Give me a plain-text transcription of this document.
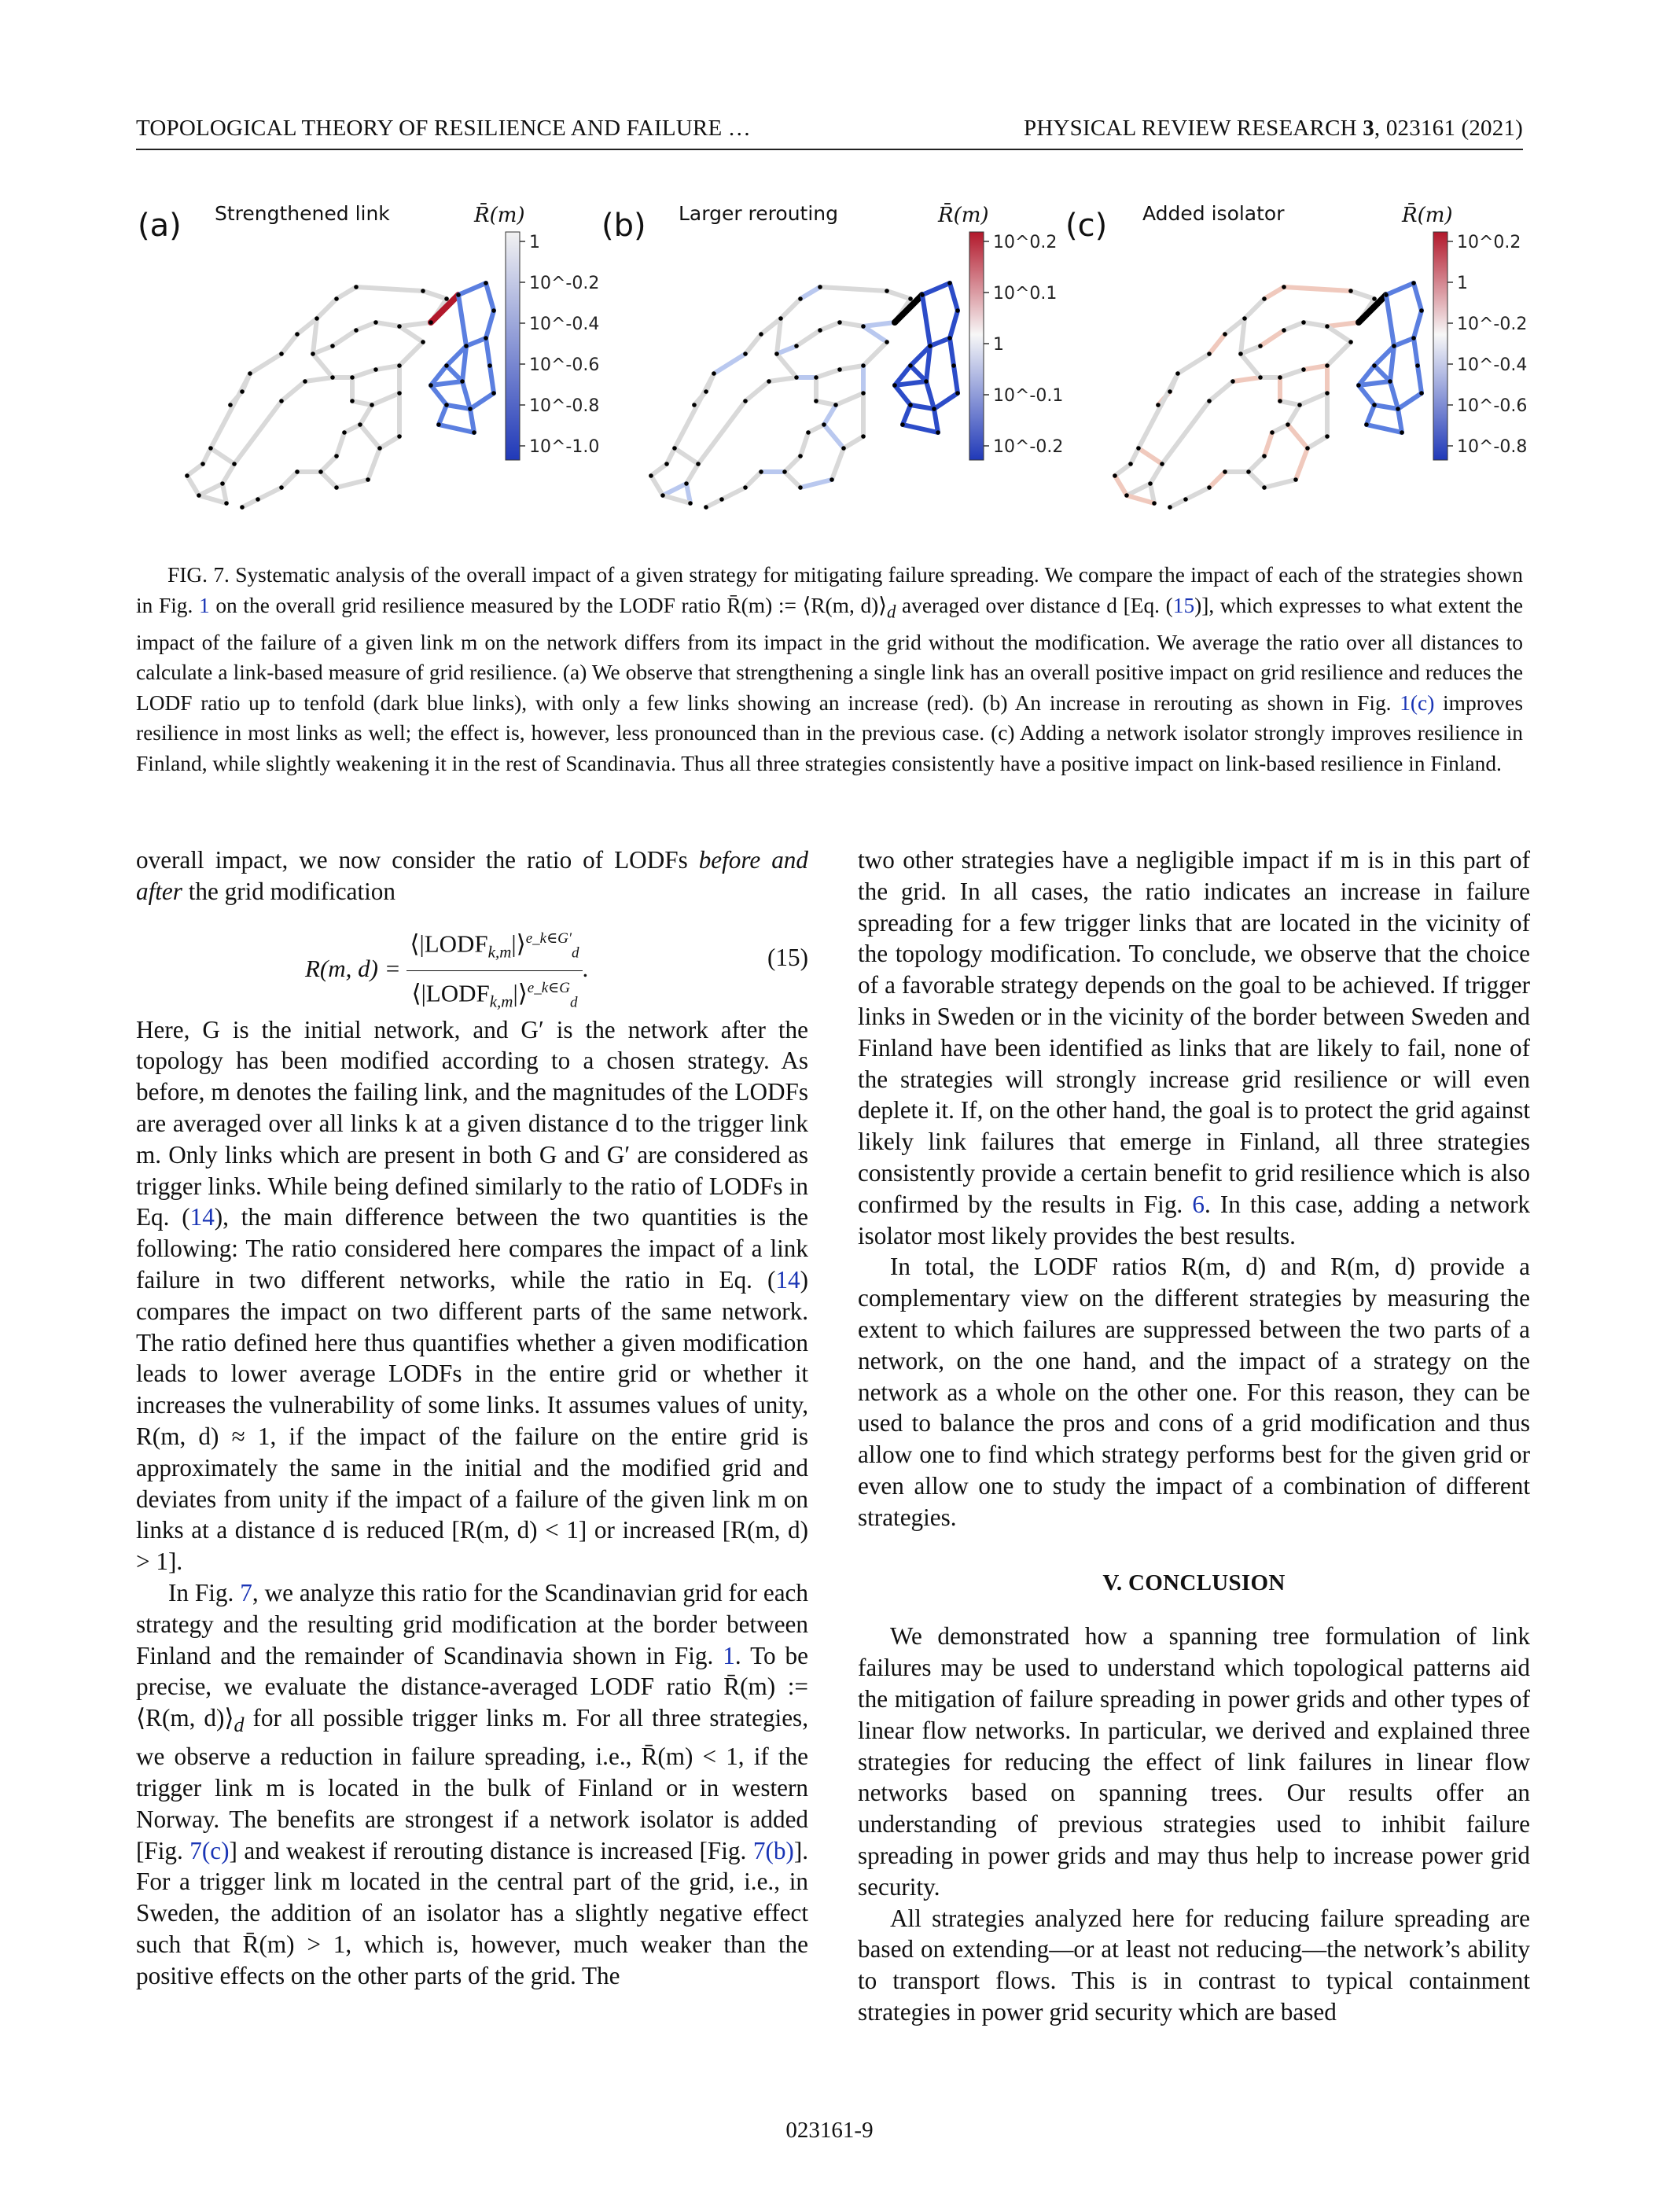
TOPOLOGICAL THEORY OF RESILIENCE AND FAILURE …	PHYSICAL REVIEW RESEARCH 3, 023161 (2021)
(a) Strengthened link
1
10^-0.2
10^-0.4
10^-0.6
10^-0.8
10^-1.0
R̄(m) (b) Larger rerouting
10^0.2
10^0.1
1
10^-0.1
10^-0.2
R̄(m) (c) Added isolator
10^0.2
1
10^-0.2
10^-0.4
10^-0.6
10^-0.8
R̄(m)
FIG. 7. Systematic analysis of the overall impact of a given strategy for mitigating failure spreading. We compare the impact of each of the strategies shown in Fig. 1 on the overall grid resilience measured by the LODF ratio R̄(m) := ⟨R(m, $d)⟩_d$ averaged over distance d [Eq. (15)], which expresses to what extent the impact of the failure of a given link m on the network differs from its impact in the grid without the modification. We average the ratio over all distances to calculate a link-based measure of grid resilience. (a) We observe that strengthening a single link has an overall positive impact on grid resilience and reduces the LODF ratio up to tenfold (dark blue links), with only a few links showing an increase (red). (b) An increase in rerouting as shown in Fig. 1(c) improves resilience in most links as well; the effect is, however, less pronounced than in the previous case. (c) Adding a network isolator strongly improves resilience in Finland, while slightly weakening it in the rest of Scandinavia. Thus all three strategies consistently have a positive impact on link-based resilience in Finland.

overall impact, we now consider the ratio of LODFs before and after the grid modification

R(m, $d) = \frac{⟨|LODF_{k,m}|⟩^{e\_k\in G'}_d}{⟨|LODF_{k,m}|⟩^{e\_k\in G}_d}$ .	(15)

Here, G is the initial network, and G′ is the network after the topology has been modified according to a chosen strategy. As before, m denotes the failing link, and the magnitudes of the LODFs are averaged over all links k at a given distance d to the trigger link m. Only links which are present in both G and G′ are considered as trigger links. While being defined similarly to the ratio of LODFs in Eq. (14), the main difference between the two quantities is the following: The ratio considered here compares the impact of a link failure in two different networks, while the ratio in Eq. (14) compares the impact on two different parts of the same network. The ratio defined here thus quantifies whether a given modification leads to lower average LODFs in the entire grid or whether it increases the vulnerability of some links. It assumes values of unity, R(m, d) ≈ 1, if the impact of the failure on the entire grid is approximately the same in the initial and the modified grid and deviates from unity if the impact of a failure of the given link m on links at a distance d is reduced [R(m, d) < 1] or increased [R(m, d) > 1].

In Fig. 7, we analyze this ratio for the Scandinavian grid for each strategy and the resulting grid modification at the border between Finland and the remainder of Scandinavia shown in Fig. 1. To be precise, we evaluate the distance-averaged LODF ratio R̄(m) := ⟨R(m, $d)⟩_d$ for all possible trigger links m. For all three strategies, we observe a reduction in failure spreading, i.e., R̄(m) < 1, if the trigger link m is located in the bulk of Finland or in western Norway. The benefits are strongest if a network isolator is added [Fig. 7(c)] and weakest if rerouting distance is increased [Fig. 7(b)]. For a trigger link m located in the central part of the grid, i.e., in Sweden, the addition of an isolator has a slightly negative effect such that R̄(m) > 1, which is, however, much weaker than the positive effects on the other parts of the grid. The

two other strategies have a negligible impact if m is in this part of the grid. In all cases, the ratio indicates an increase in failure spreading for a few trigger links that are located in the vicinity of the topology modification. To conclude, we observe that the choice of a favorable strategy depends on the goal to be achieved. If trigger links in Sweden or in the vicinity of the border between Sweden and Finland have been identified as links that are likely to fail, none of the strategies will strongly increase grid resilience or will even deplete it. If, on the other hand, the goal is to protect the grid against likely link failures that emerge in Finland, all three strategies consistently provide a certain benefit to grid resilience which is also confirmed by the results in Fig. 6. In this case, adding a network isolator most likely provides the best results.

In total, the LODF ratios R(m, d) and R(m, d) provide a complementary view on the different strategies by measuring the extent to which failures are suppressed between the two parts of a network, on the one hand, and the impact of a strategy on the network as a whole on the other one. For this reason, they can be used to balance the pros and cons of a grid modification and thus allow one to find which strategy performs best for the given grid or even allow one to study the impact of a combination of different strategies.

V. CONCLUSION

We demonstrated how a spanning tree formulation of link failures may be used to understand which topological patterns aid the mitigation of failure spreading in power grids and other types of linear flow networks. In particular, we derived and explained three strategies for reducing the effect of link failures in linear flow networks based on spanning trees. Our results offer an understanding of previous strategies used to inhibit failure spreading in power grids and may thus help to increase power grid security.

All strategies analyzed here for reducing failure spreading are based on extending—or at least not reducing—the network’s ability to transport flows. This is in contrast to typical containment strategies in power grid security which are based

023161-9
